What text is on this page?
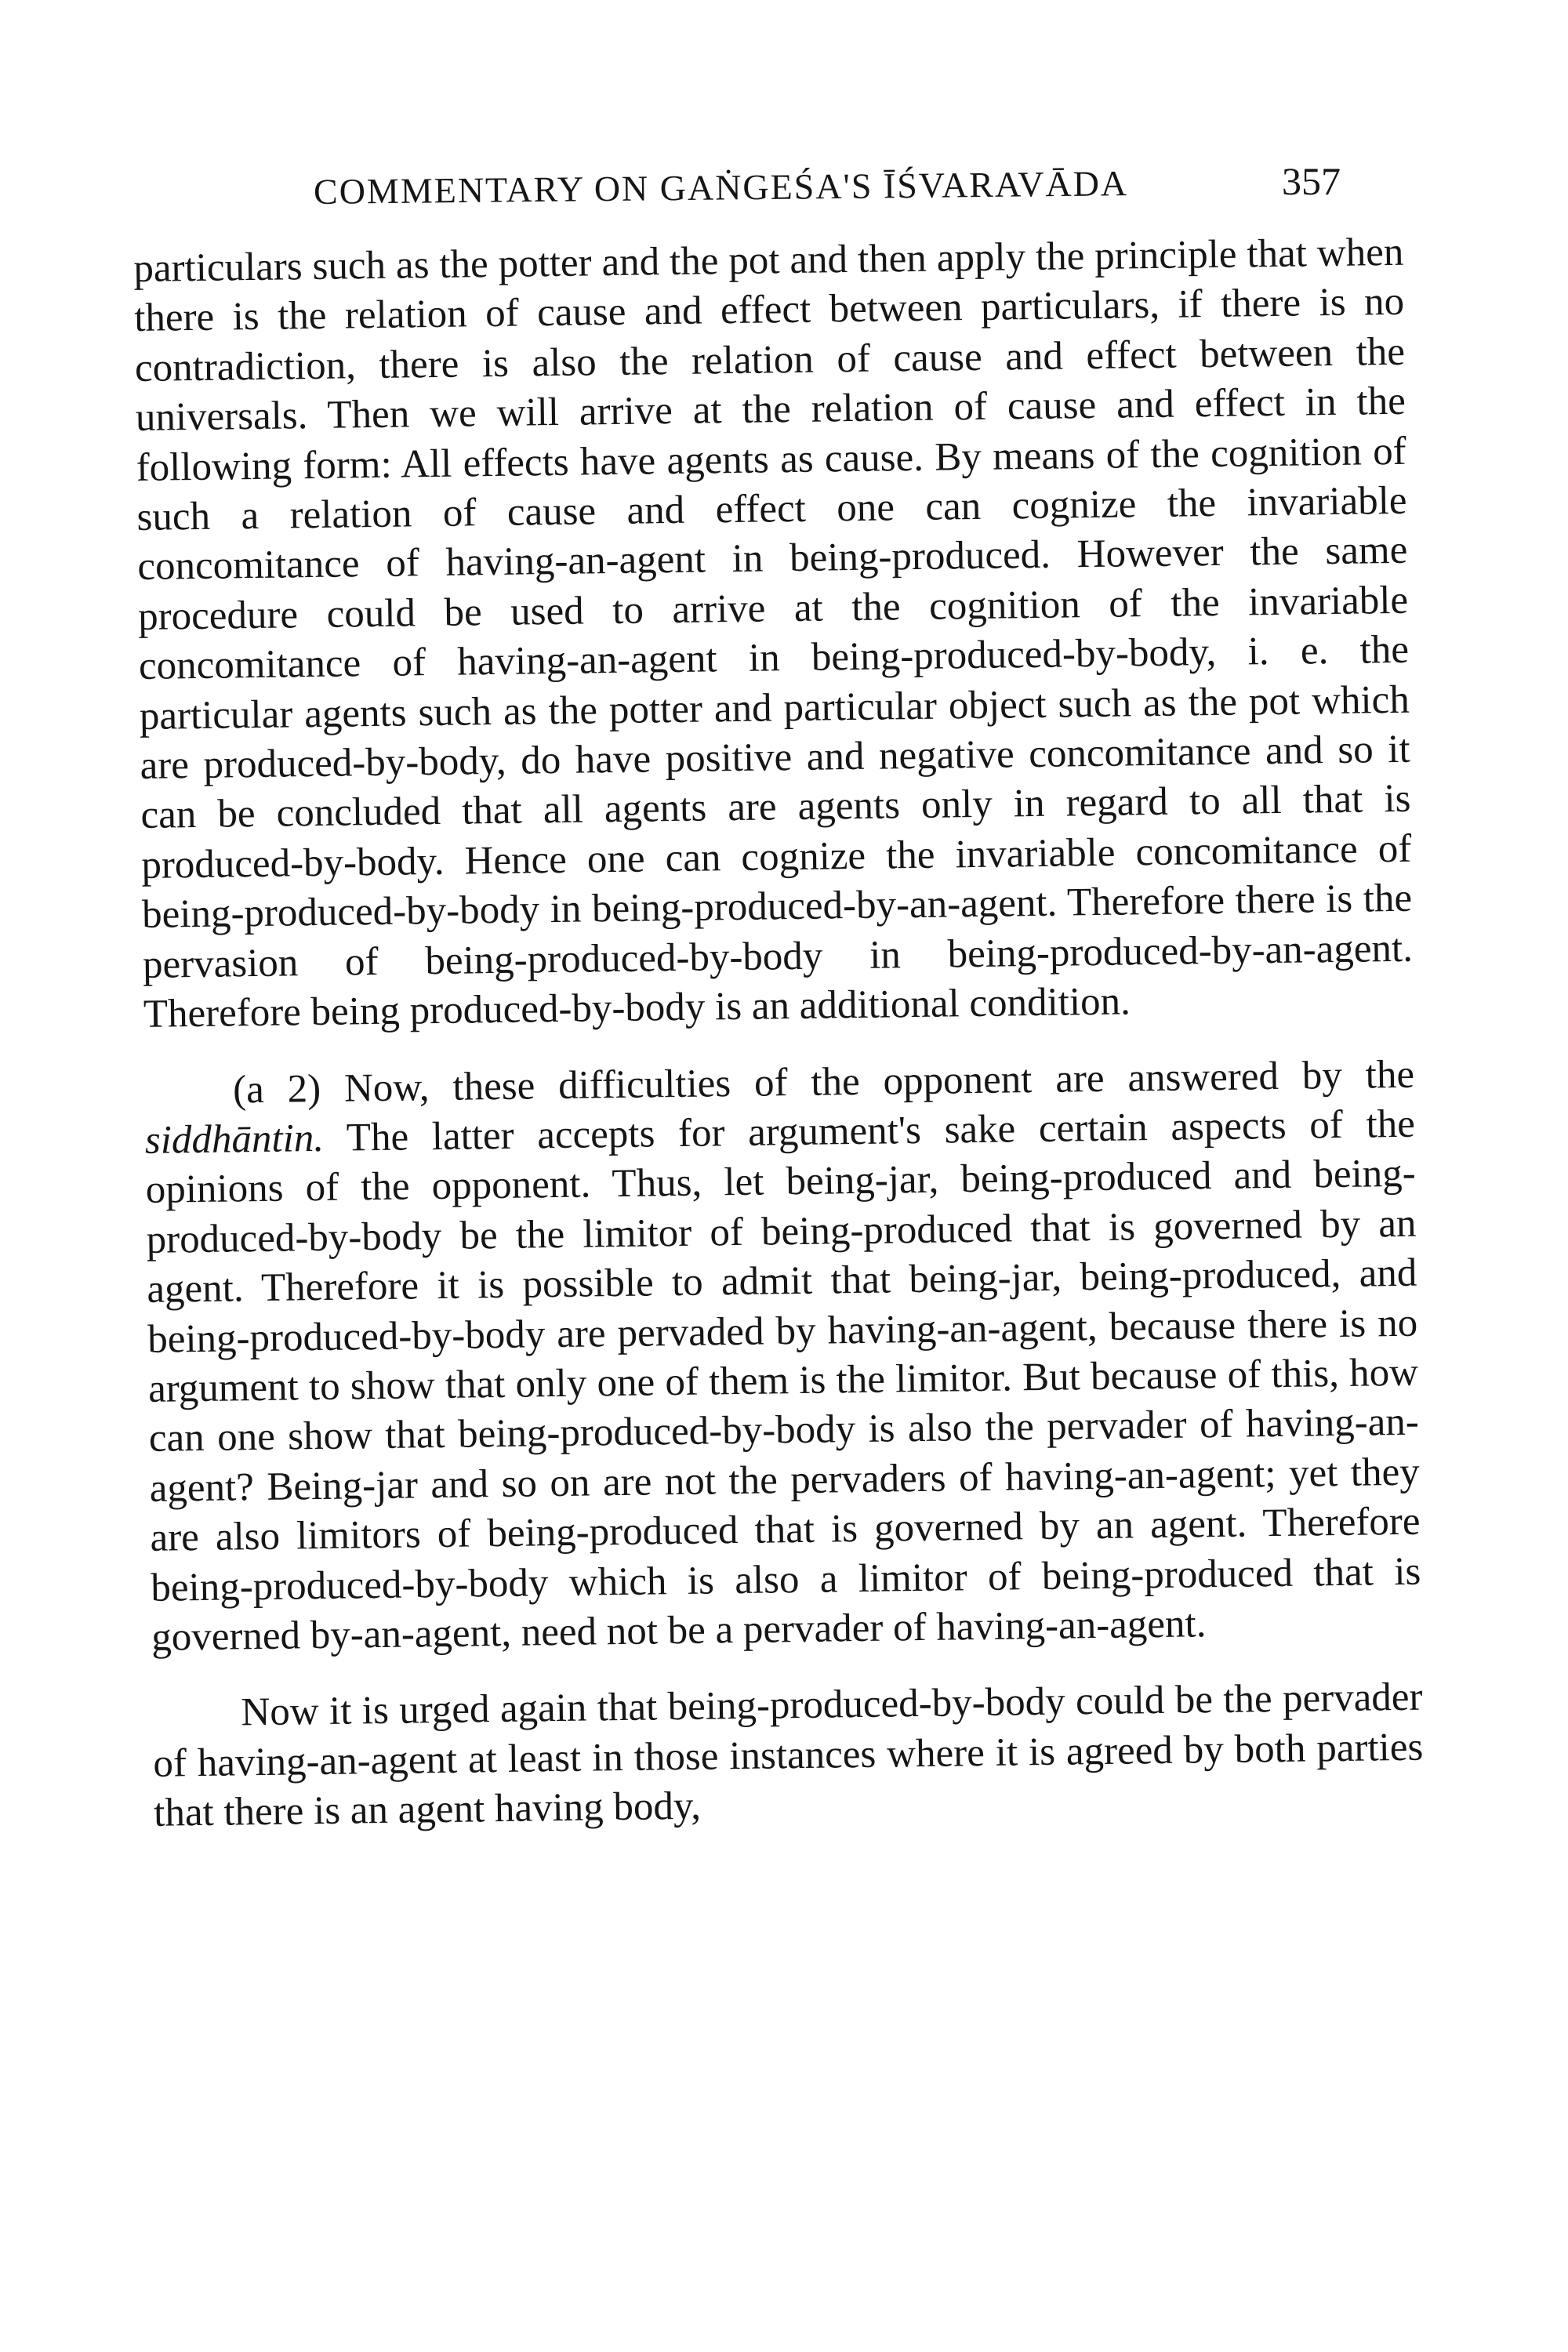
COMMENTARY ON GAṄGEŚA'S ĪŚVARAVĀDA	357

particulars such as the potter and the pot and then apply the principle that when there is the relation of cause and effect between particulars, if there is no contradiction, there is also the relation of cause and effect between the universals. Then we will arrive at the relation of cause and effect in the following form: All effects have agents as cause. By means of the cognition of such a relation of cause and effect one can cognize the invariable concomitance of having-an-agent in being-produced. However the same procedure could be used to arrive at the cognition of the invariable concomitance of having-an-agent in being-produced-by-body, i. e. the particular agents such as the potter and particular object such as the pot which are produced-by-body, do have positive and negative concomitance and so it can be concluded that all agents are agents only in regard to all that is produced-by-body. Hence one can cognize the invariable concomitance of being-produced-by-body in being-produced-by-an-agent. Therefore there is the pervasion of being-produced-by-body in being-produced-by-an-agent. Therefore being produced-by-body is an additional condition.

(a 2) Now, these difficulties of the opponent are answered by the siddhāntin. The latter accepts for argument's sake certain aspects of the opinions of the opponent. Thus, let being-jar, being-produced and being-produced-by-body be the limitor of being-produced that is governed by an agent. Therefore it is possible to admit that being-jar, being-produced, and being-produced-by-body are pervaded by having-an-agent, because there is no argument to show that only one of them is the limitor. But because of this, how can one show that being-produced-by-body is also the pervader of having-an-agent? Being-jar and so on are not the pervaders of having-an-agent; yet they are also limitors of being-produced that is governed by an agent. Therefore being-produced-by-body which is also a limitor of being-produced that is governed by-an-agent, need not be a pervader of having-an-agent.

Now it is urged again that being-produced-by-body could be the pervader of having-an-agent at least in those instances where it is agreed by both parties that there is an agent having body,
